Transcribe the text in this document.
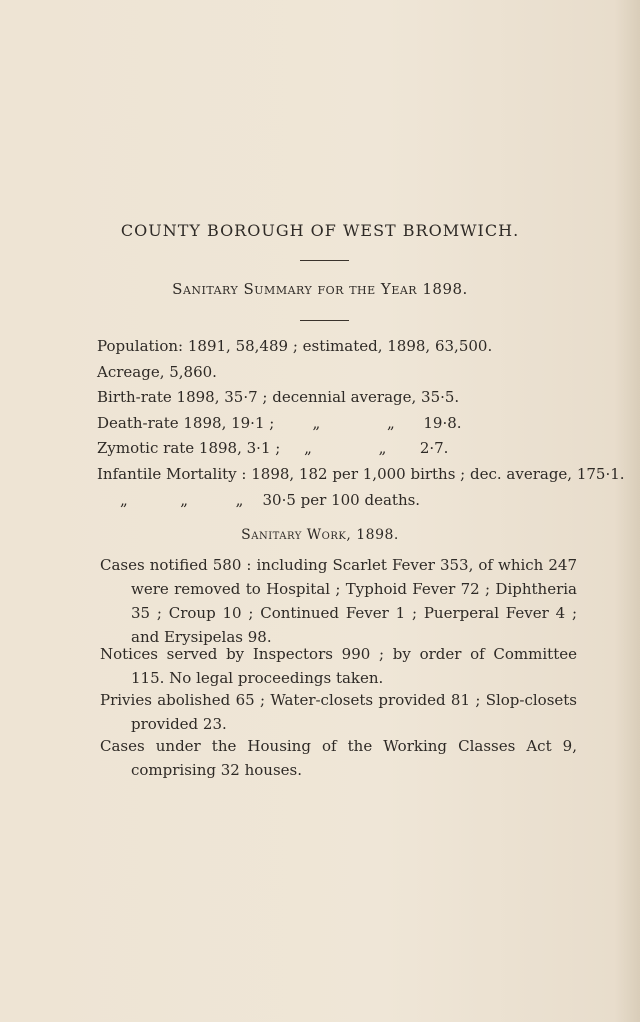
COUNTY BOROUGH OF WEST BROMWICH.
Sanitary Summary for the Year 1898.
Population: 1891, 58,489 ; estimated, 1898, 63,500.
Acreage, 5,860.
Birth-rate 1898, 35·7 ; decennial average, 35·5.
Death-rate 1898, 19·1 ;        „              „      19·8.
Zymotic rate 1898, 3·1 ;     „              „       2·7.
Infantile Mortality : 1898, 182 per 1,000 births ; dec. average, 175·1.
„           „          „    30·5 per 100 deaths.
Sanitary Work, 1898.
Cases notified 580 : including Scarlet Fever 353, of which 247 were removed to Hospital ; Typhoid Fever 72 ; Diphtheria 35 ; Croup 10 ; Continued Fever 1 ; Puerperal Fever 4 ; and Erysipelas 98.
Notices served by Inspectors 990 ; by order of Committee 115. No legal proceedings taken.
Privies abolished 65 ; Water-closets provided 81 ; Slop-closets provided 23.
Cases under the Housing of the Working Classes Act 9, comprising 32 houses.
